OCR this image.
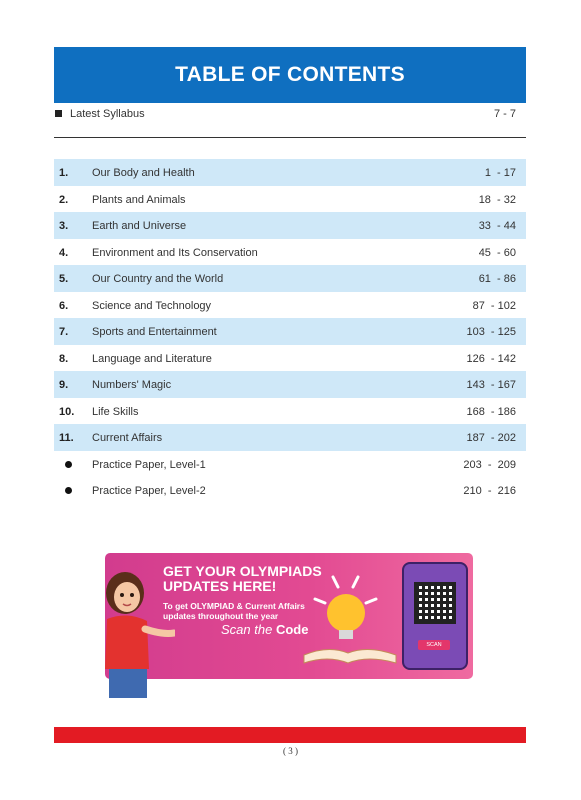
TABLE OF CONTENTS
Latest Syllabus	7 - 7
1. Our Body and Health	1  - 17
2. Plants and Animals	18  - 32
3. Earth and Universe	33  - 44
4. Environment and Its Conservation	45  - 60
5. Our Country and the World	61  - 86
6. Science and Technology	87  - 102
7. Sports and Entertainment	103  - 125
8. Language and Literature	126  - 142
9. Numbers' Magic	143  - 167
10. Life Skills	168  - 186
11. Current Affairs	187  - 202
Practice Paper, Level-1	203  -  209
Practice Paper, Level-2	210  -  216
GET YOUR OLYMPIADS
UPDATES HERE!
To get OLYMPIAD & Current Affairs
updates throughout the year
Scan the Code
SCAN
( 3 )
